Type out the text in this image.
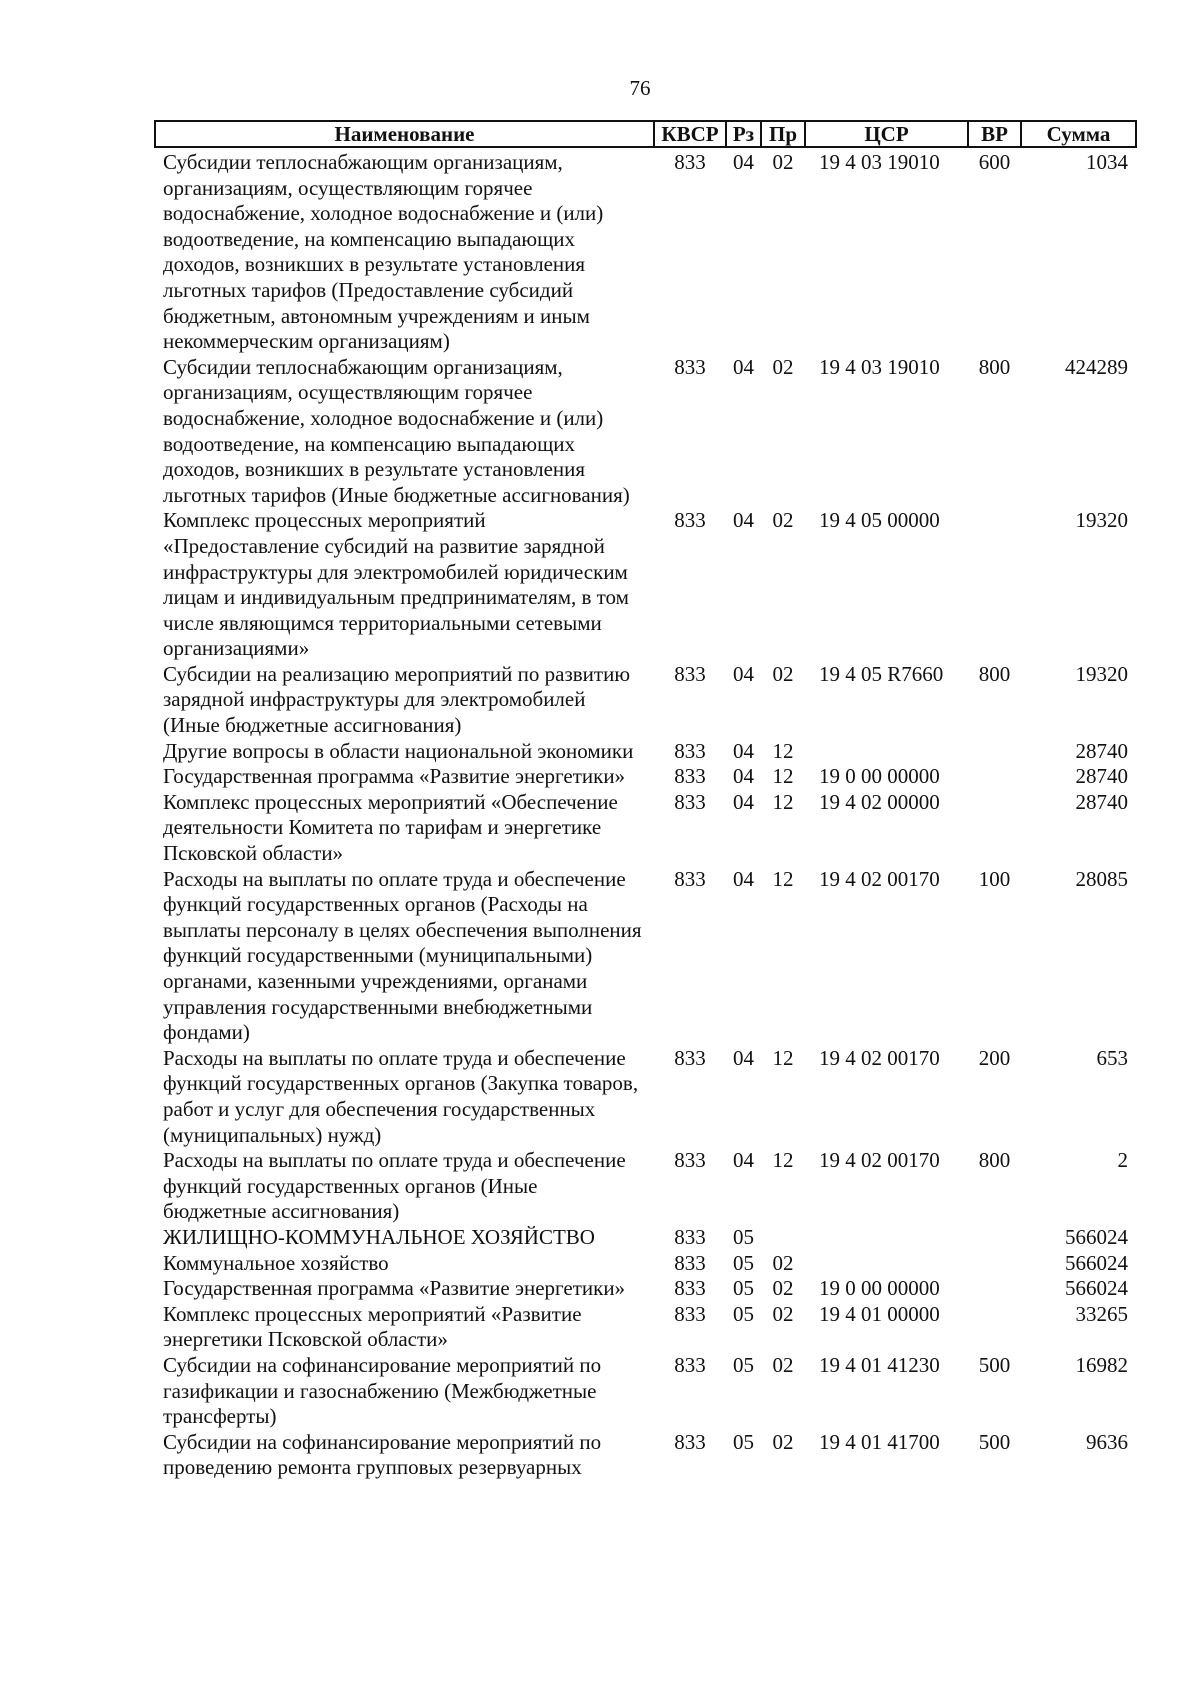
76
Наименование	КВСР	Рз	Пр	ЦСР	ВР	Сумма
Субсидии теплоснабжающим организациям, организациям, осуществляющим горячее водоснабжение, холодное водоснабжение и (или) водоотведение, на компенсацию выпадающих доходов, возникших в результате установления льготных тарифов (Предоставление субсидий бюджетным, автономным учреждениям и иным некоммерческим организациям)	833	04	02	19 4 03 19010	600	1034
Субсидии теплоснабжающим организациям, организациям, осуществляющим горячее водоснабжение, холодное водоснабжение и (или) водоотведение, на компенсацию выпадающих доходов, возникших в результате установления льготных тарифов (Иные бюджетные ассигнования)	833	04	02	19 4 03 19010	800	424289
Комплекс процессных мероприятий «Предоставление субсидий на развитие зарядной инфраструктуры для электромобилей юридическим лицам и индивидуальным предпринимателям, в том числе являющимся территориальными сетевыми организациями»	833	04	02	19 4 05 00000		19320
Субсидии на реализацию мероприятий по развитию зарядной инфраструктуры для электромобилей (Иные бюджетные ассигнования)	833	04	02	19 4 05 R7660	800	19320
Другие вопросы в области национальной экономики	833	04	12			28740
Государственная программа «Развитие энергетики»	833	04	12	19 0 00 00000		28740
Комплекс процессных мероприятий «Обеспечение деятельности Комитета по тарифам и энергетике Псковской области»	833	04	12	19 4 02 00000		28740
Расходы на выплаты по оплате труда и обеспечение функций государственных органов (Расходы на выплаты персоналу в целях обеспечения выполнения функций государственными (муниципальными) органами, казенными учреждениями, органами управления государственными внебюджетными фондами)	833	04	12	19 4 02 00170	100	28085
Расходы на выплаты по оплате труда и обеспечение функций государственных органов (Закупка товаров, работ и услуг для обеспечения государственных (муниципальных) нужд)	833	04	12	19 4 02 00170	200	653
Расходы на выплаты по оплате труда и обеспечение функций государственных органов (Иные бюджетные ассигнования)	833	04	12	19 4 02 00170	800	2
ЖИЛИЩНО-КОММУНАЛЬНОЕ ХОЗЯЙСТВО	833	05				566024
Коммунальное хозяйство	833	05	02			566024
Государственная программа «Развитие энергетики»	833	05	02	19 0 00 00000		566024
Комплекс процессных мероприятий «Развитие энергетики Псковской области»	833	05	02	19 4 01 00000		33265
Субсидии на софинансирование мероприятий по газификации и газоснабжению (Межбюджетные трансферты)	833	05	02	19 4 01 41230	500	16982
Субсидии на софинансирование мероприятий по проведению ремонта групповых резервуарных	833	05	02	19 4 01 41700	500	9636
